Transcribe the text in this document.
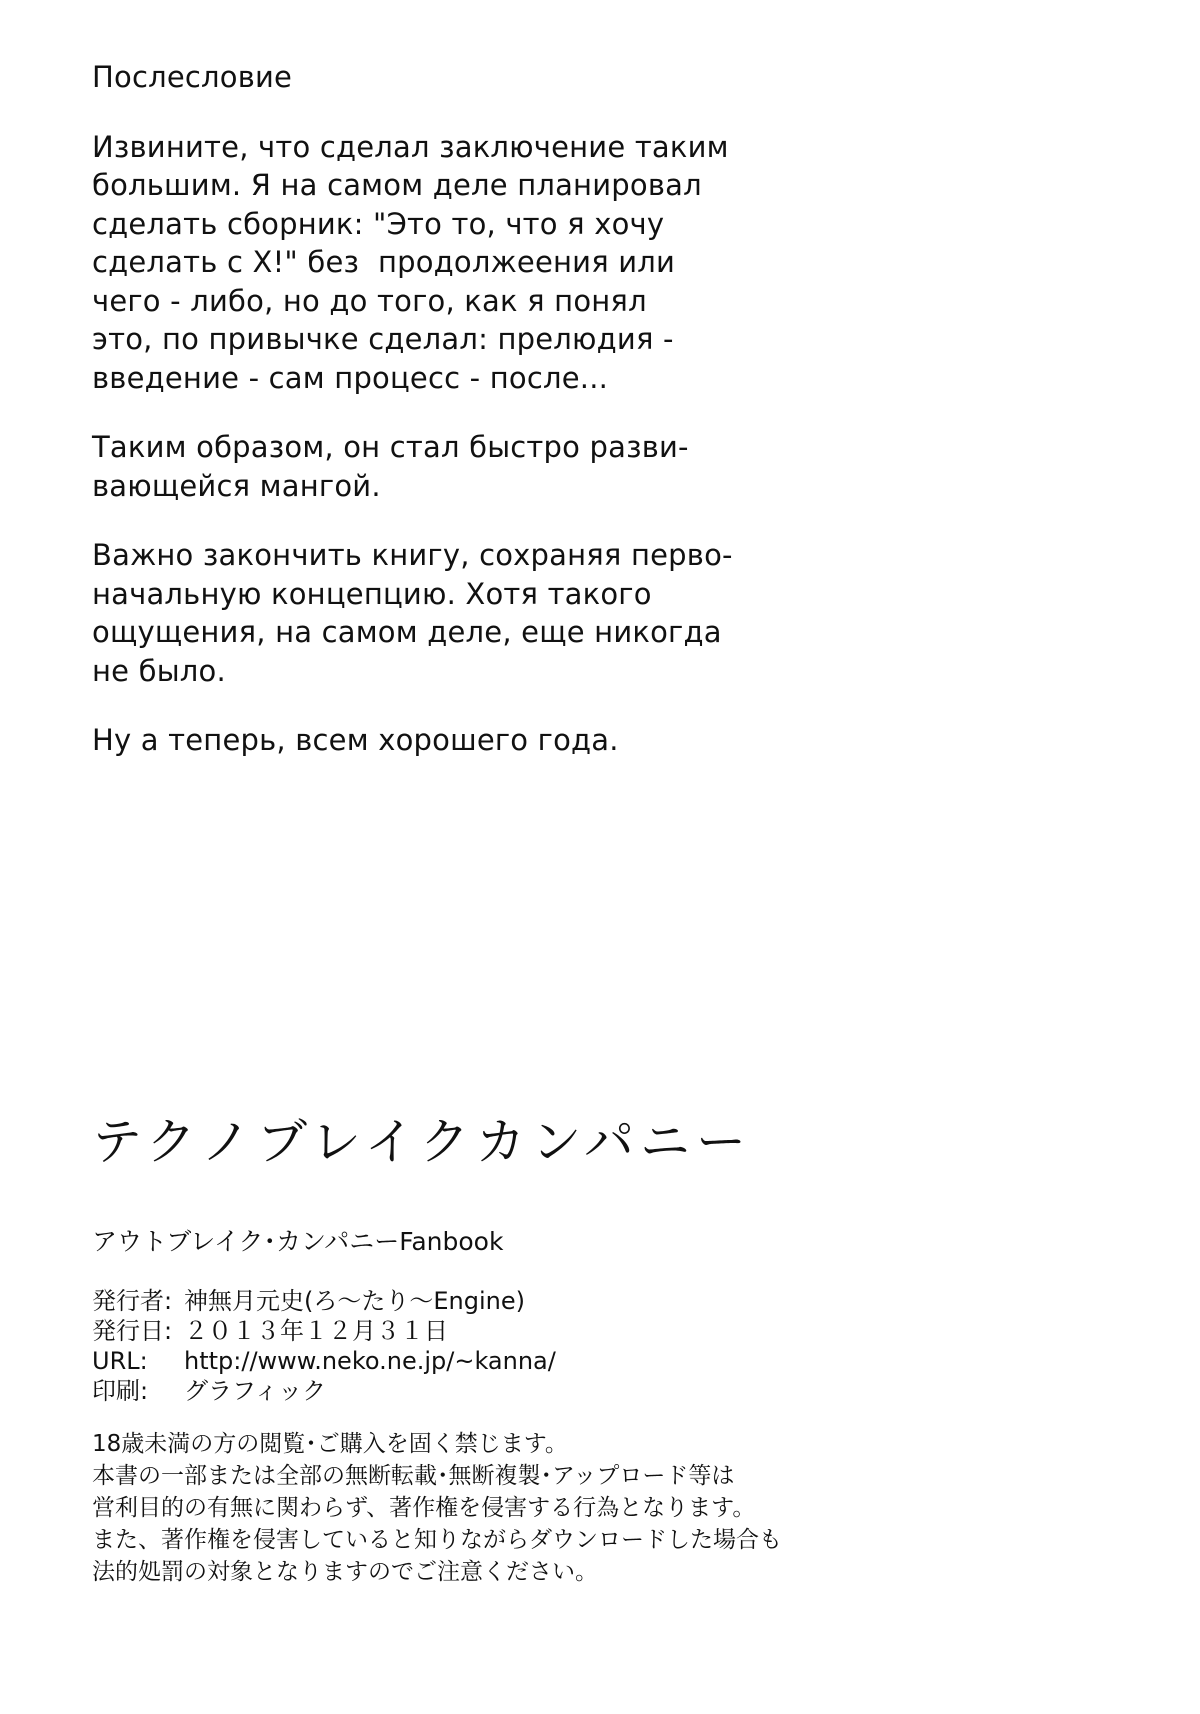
Послесловие
Извините, что сделал заключение таким
большим. Я на самом деле планировал
сделать сборник: "Это то, что я хочу
сделать с X!" без  продолжеения или
чего - либо, но до того, как я понял
это, по привычке сделал: прелюдия -
введение - сам процесс - после...
Таким образом, он стал быстро разви-
вающейся мангой.
Важно закончить книгу, сохраняя перво-
начальную концепцию. Хотя такого
ощущения, на самом деле, еще никогда
не было.
Ну а теперь, всем хорошего года.
テクノブレイクカンパニー
アウトブレイク･カンパニーFanbook
発行者: 神無月元史(ろ〜たり〜Engine)
発行日: ２０１３年１２月３１日
URL:	http://www.neko.ne.jp/~kanna/
印刷:	グラフィック
18歳未満の方の閲覧･ご購入を固く禁じます。
本書の一部または全部の無断転載･無断複製･アップロード等は
営利目的の有無に関わらず、著作権を侵害する行為となります。
また、著作権を侵害していると知りながらダウンロードした場合も
法的処罰の対象となりますのでご注意ください。
